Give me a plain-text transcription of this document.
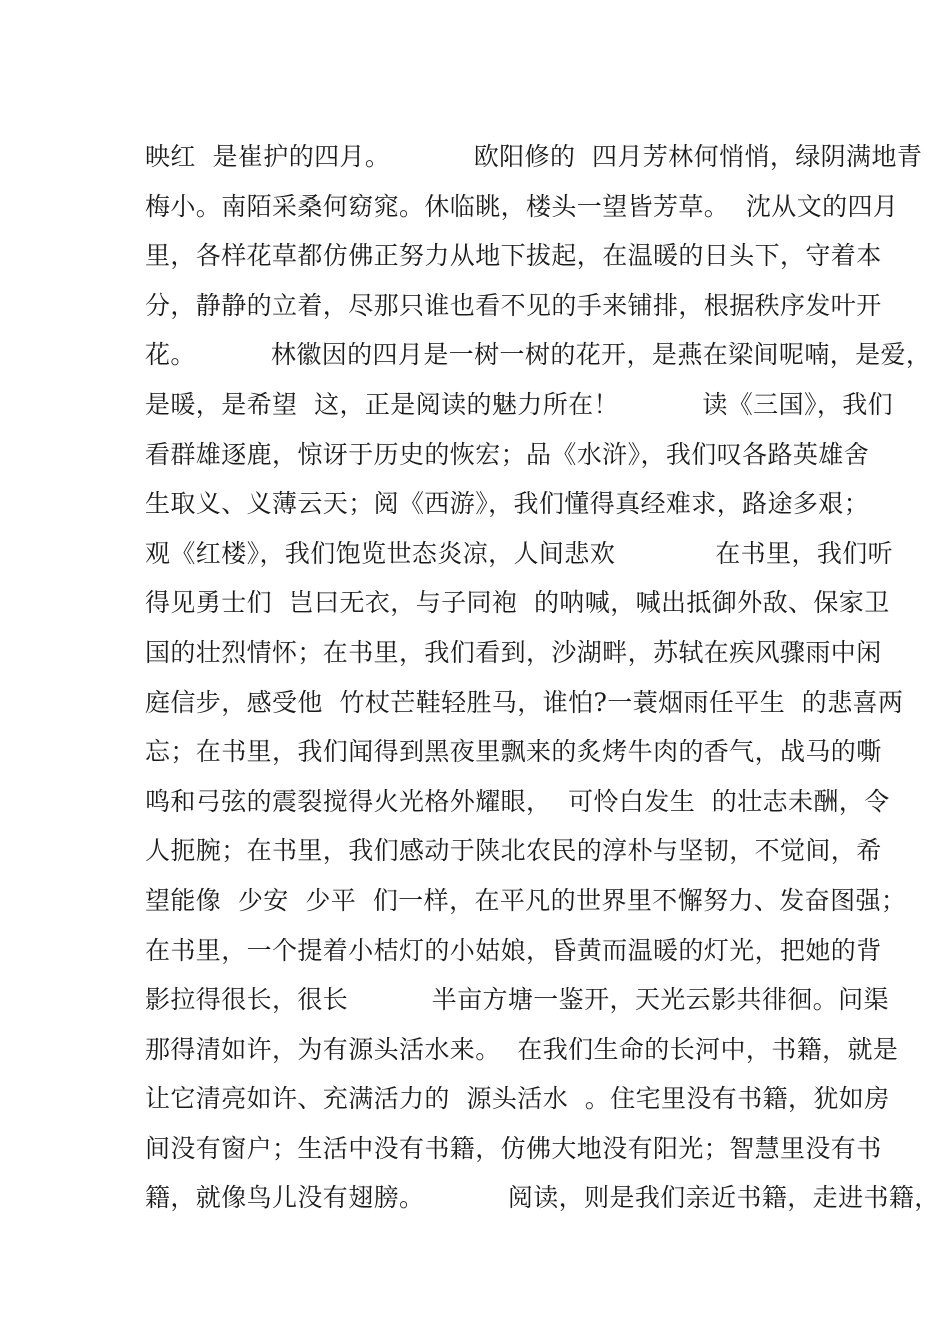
映红  是崔护的四月。          欧阳修的  四月芳林何悄悄，绿阴满地青
梅小。南陌采桑何窈窕。休临眺，楼头一望皆芳草。  沈从文的四月
里，各样花草都仿佛正努力从地下拔起，在温暖的日头下，守着本
分，静静的立着，尽那只谁也看不见的手来铺排，根据秩序发叶开
花。         林徽因的四月是一树一树的花开，是燕在梁间呢喃，是爱，
是暖，是希望  这，正是阅读的魅力所在！          读《三国》，我们
看群雄逐鹿，惊讶于历史的恢宏；品《水浒》，我们叹各路英雄舍
生取义、义薄云天；阅《西游》，我们懂得真经难求，路途多艰；
观《红楼》，我们饱览世态炎凉，人间悲欢            在书里，我们听
得见勇士们  岂曰无衣，与子同袍  的呐喊，喊出抵御外敌、保家卫
国的壮烈情怀；在书里，我们看到，沙湖畔，苏轼在疾风骤雨中闲
庭信步，感受他  竹杖芒鞋轻胜马，谁怕?一蓑烟雨任平生  的悲喜两
忘；在书里，我们闻得到黑夜里飘来的炙烤牛肉的香气，战马的嘶
鸣和弓弦的震裂搅得火光格外耀眼，  可怜白发生  的壮志未酬，令
人扼腕；在书里，我们感动于陕北农民的淳朴与坚韧，不觉间，希
望能像  少安  少平  们一样，在平凡的世界里不懈努力、发奋图强；
在书里，一个提着小桔灯的小姑娘，昏黄而温暖的灯光，把她的背
影拉得很长，很长          半亩方塘一鉴开，天光云影共徘徊。问渠
那得清如许，为有源头活水来。  在我们生命的长河中，书籍，就是
让它清亮如许、充满活力的  源头活水  。住宅里没有书籍，犹如房
间没有窗户；生活中没有书籍，仿佛大地没有阳光；智慧里没有书
籍，就像鸟儿没有翅膀。          阅读，则是我们亲近书籍，走进书籍，
